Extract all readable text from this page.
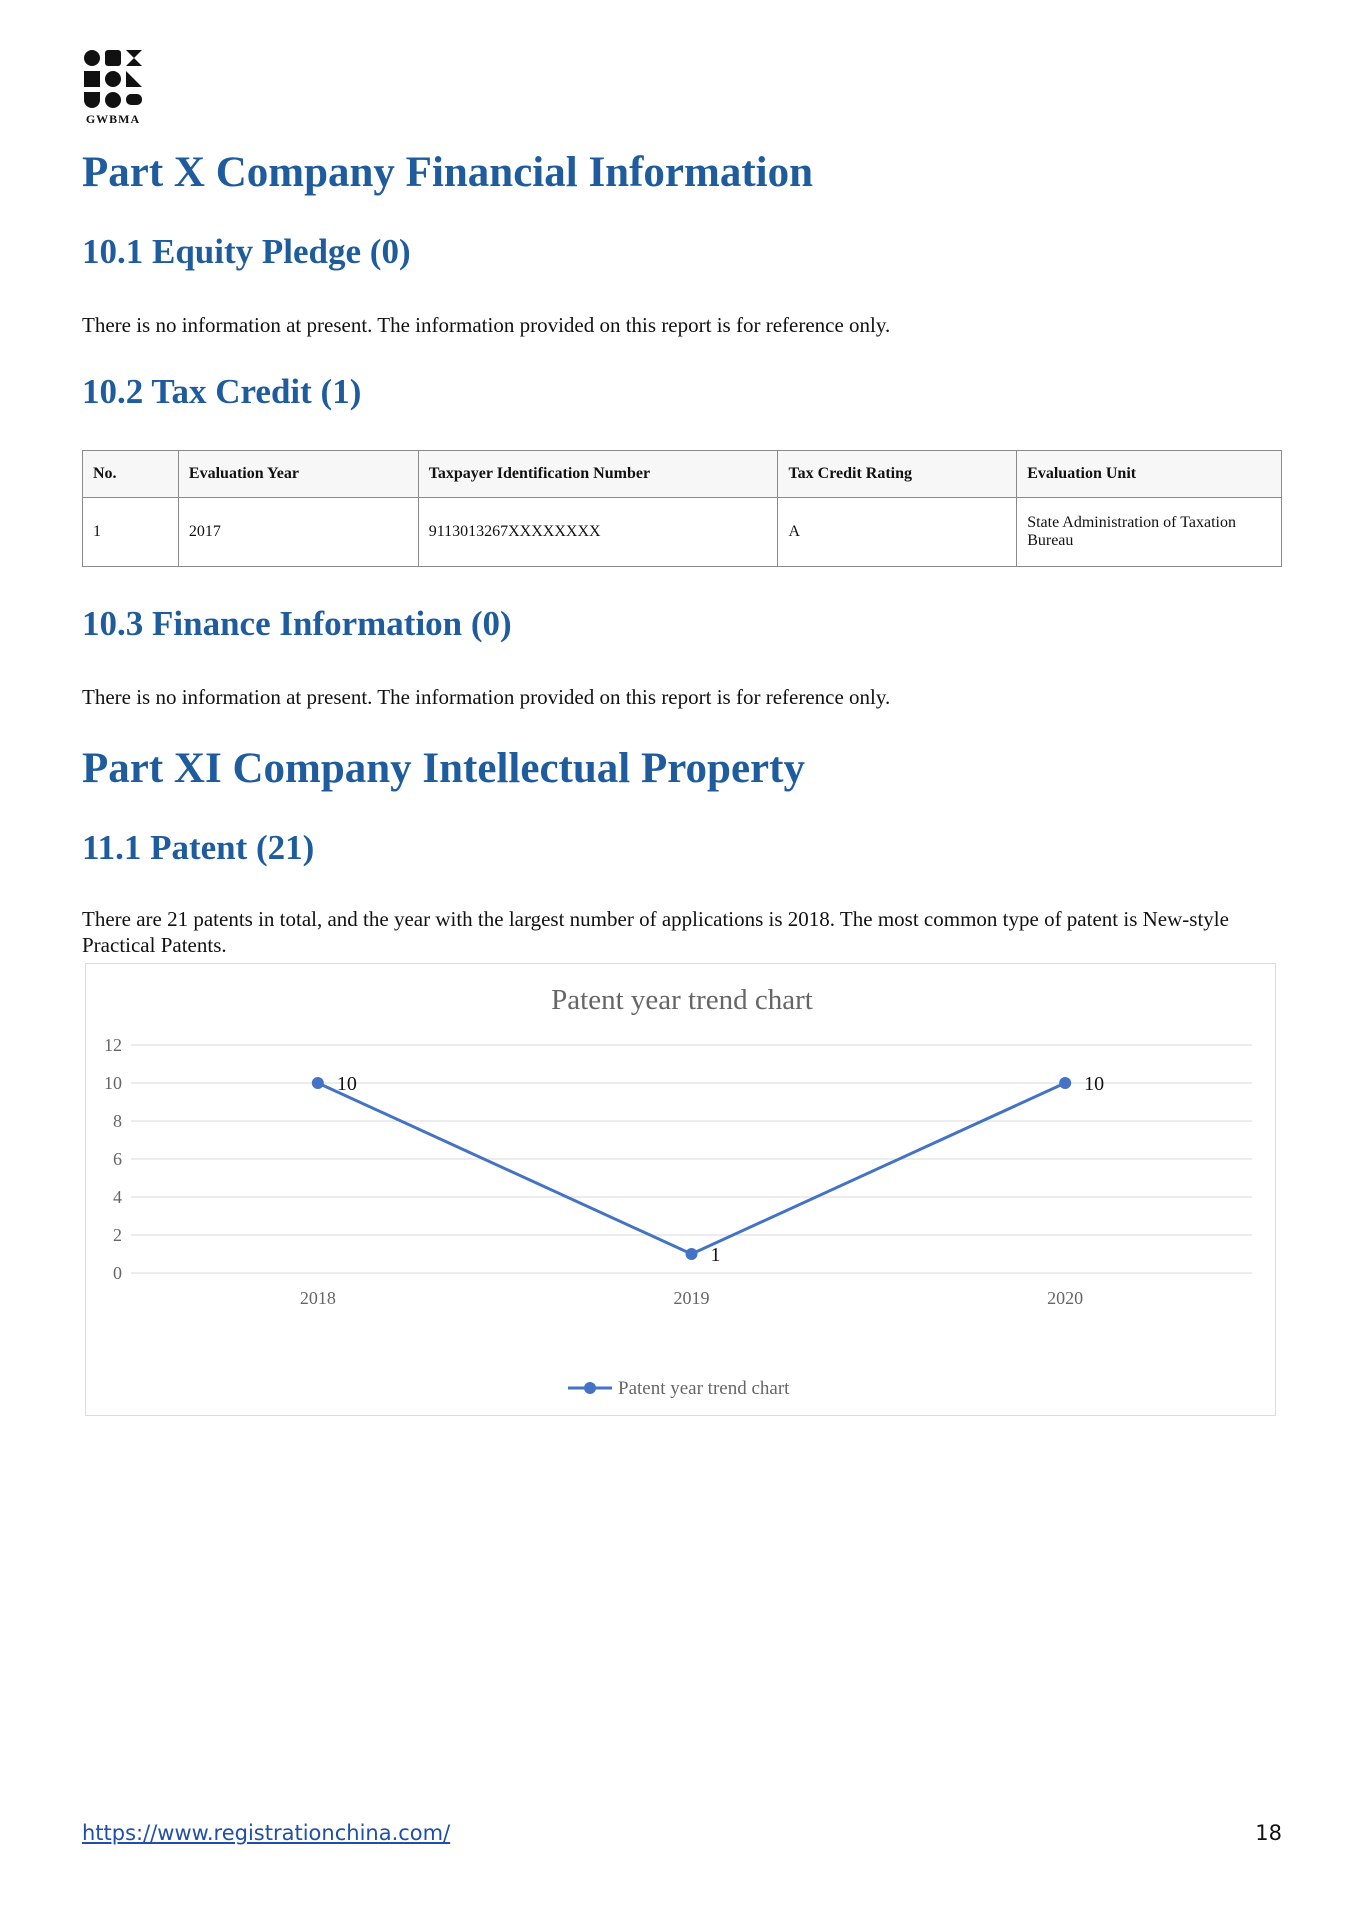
GWBMA
Part X Company Financial Information
10.1 Equity Pledge (0)

There is no information at present. The information provided on this report is for reference only.

10.2 Tax Credit (1)
No.	Evaluation Year	Taxpayer Identification Number	Tax Credit Rating	Evaluation Unit
1	2017	9113013267XXXXXXXX	A	State Administration of Taxation Bureau
10.3 Finance Information (0)

There is no information at present. The information provided on this report is for reference only.

Part XI Company Intellectual Property
11.1 Patent (21)

There are 21 patents in total, and the year with the largest number of applications is 2018. The most common type of patent is New-style Practical Patents.

Patent year trend chart
0
2
4
6
8
10
12
2018	2019	2020
10
1
10
Patent year trend chart

https://www.registrationchina.com/	18
